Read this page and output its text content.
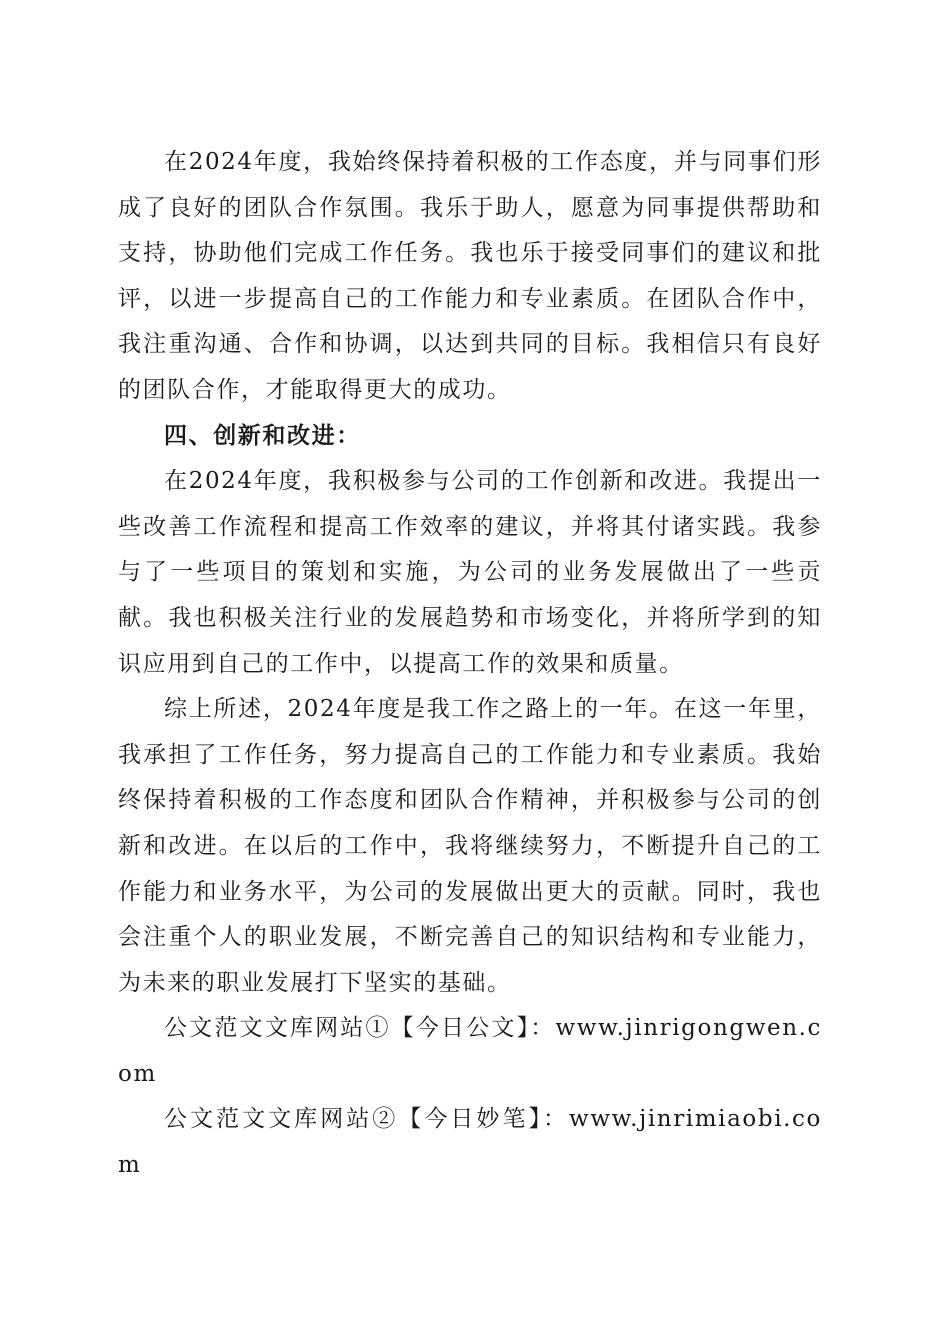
在2024年度，我始终保持着积极的工作态度，并与同事们形成了良好的团队合作氛围。我乐于助人，愿意为同事提供帮助和支持，协助他们完成工作任务。我也乐于接受同事们的建议和批评，以进一步提高自己的工作能力和专业素质。在团队合作中，我注重沟通、合作和协调，以达到共同的目标。我相信只有良好的团队合作，才能取得更大的成功。

四、创新和改进：

在2024年度，我积极参与公司的工作创新和改进。我提出一些改善工作流程和提高工作效率的建议，并将其付诸实践。我参与了一些项目的策划和实施，为公司的业务发展做出了一些贡献。我也积极关注行业的发展趋势和市场变化，并将所学到的知识应用到自己的工作中，以提高工作的效果和质量。

综上所述，2024年度是我工作之路上的一年。在这一年里，我承担了工作任务，努力提高自己的工作能力和专业素质。我始终保持着积极的工作态度和团队合作精神，并积极参与公司的创新和改进。在以后的工作中，我将继续努力，不断提升自己的工作能力和业务水平，为公司的发展做出更大的贡献。同时，我也会注重个人的职业发展，不断完善自己的知识结构和专业能力，为未来的职业发展打下坚实的基础。

公文范文文库网站①【今日公文】：www.jinrigongwen.com

公文范文文库网站②【今日妙笔】：www.jinrimiaobi.com
